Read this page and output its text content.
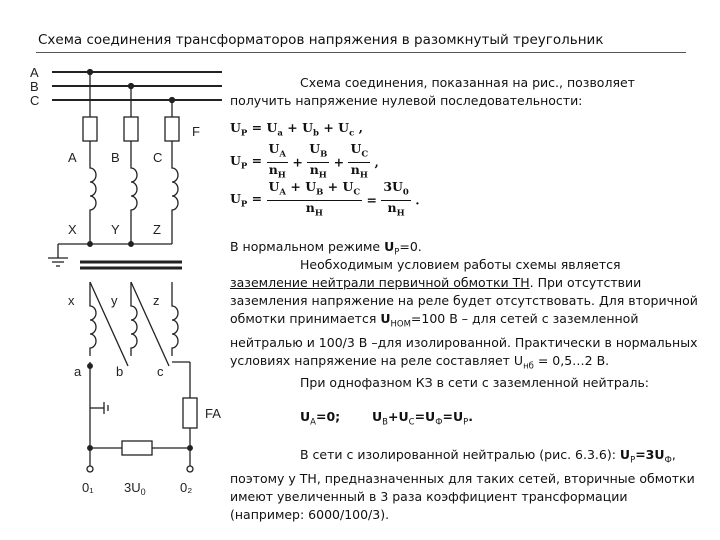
Схема соединения трансформаторов напряжения в разомкнутый треугольник
A
B
C
F
A	B	C
X	Y	Z
x	y	z
a	b	c
FA
0₁ $3U_0$	0₂
Схема соединения, показанная на рис., позволяет получить напряжение нулевой последовательности:
$U_P = U_a + U_b + U_c$ ,
$U_P = \frac{U_A}{n_H} + \frac{U_B}{n_H} + \frac{U_C}{n_H}$ ,
$U_P = \frac{U_A + U_B + U_C}{n_H} = \frac{3U_0}{n_H}$ .
В нормальном режиме $U_P=0$.
Необходимым условием работы схемы является заземление нейтрали первичной обмотки ТН. При отсутствии заземления напряжение на реле будет отсутствовать. Для вторичной обмотки принимается $U_{НОМ}=100$ В – для сетей с заземленной нейтралью и 100/3 В –для изолированной. Практически в нормальных условиях напряжение на реле составляет $U_{нб}$ = 0,5…2 В.
При однофазном КЗ в сети с заземленной нейтраль:
$U_A=0$;	$U_B+U_C=U_Ф=U_P$.
В сети с изолированной нейтралью (рис. 6.3.6): $U_P=3U_Ф$, поэтому у ТН, предназначенных для таких сетей, вторичные обмотки имеют увеличенный в 3 раза коэффициент трансформации (например: 6000/100/3).
